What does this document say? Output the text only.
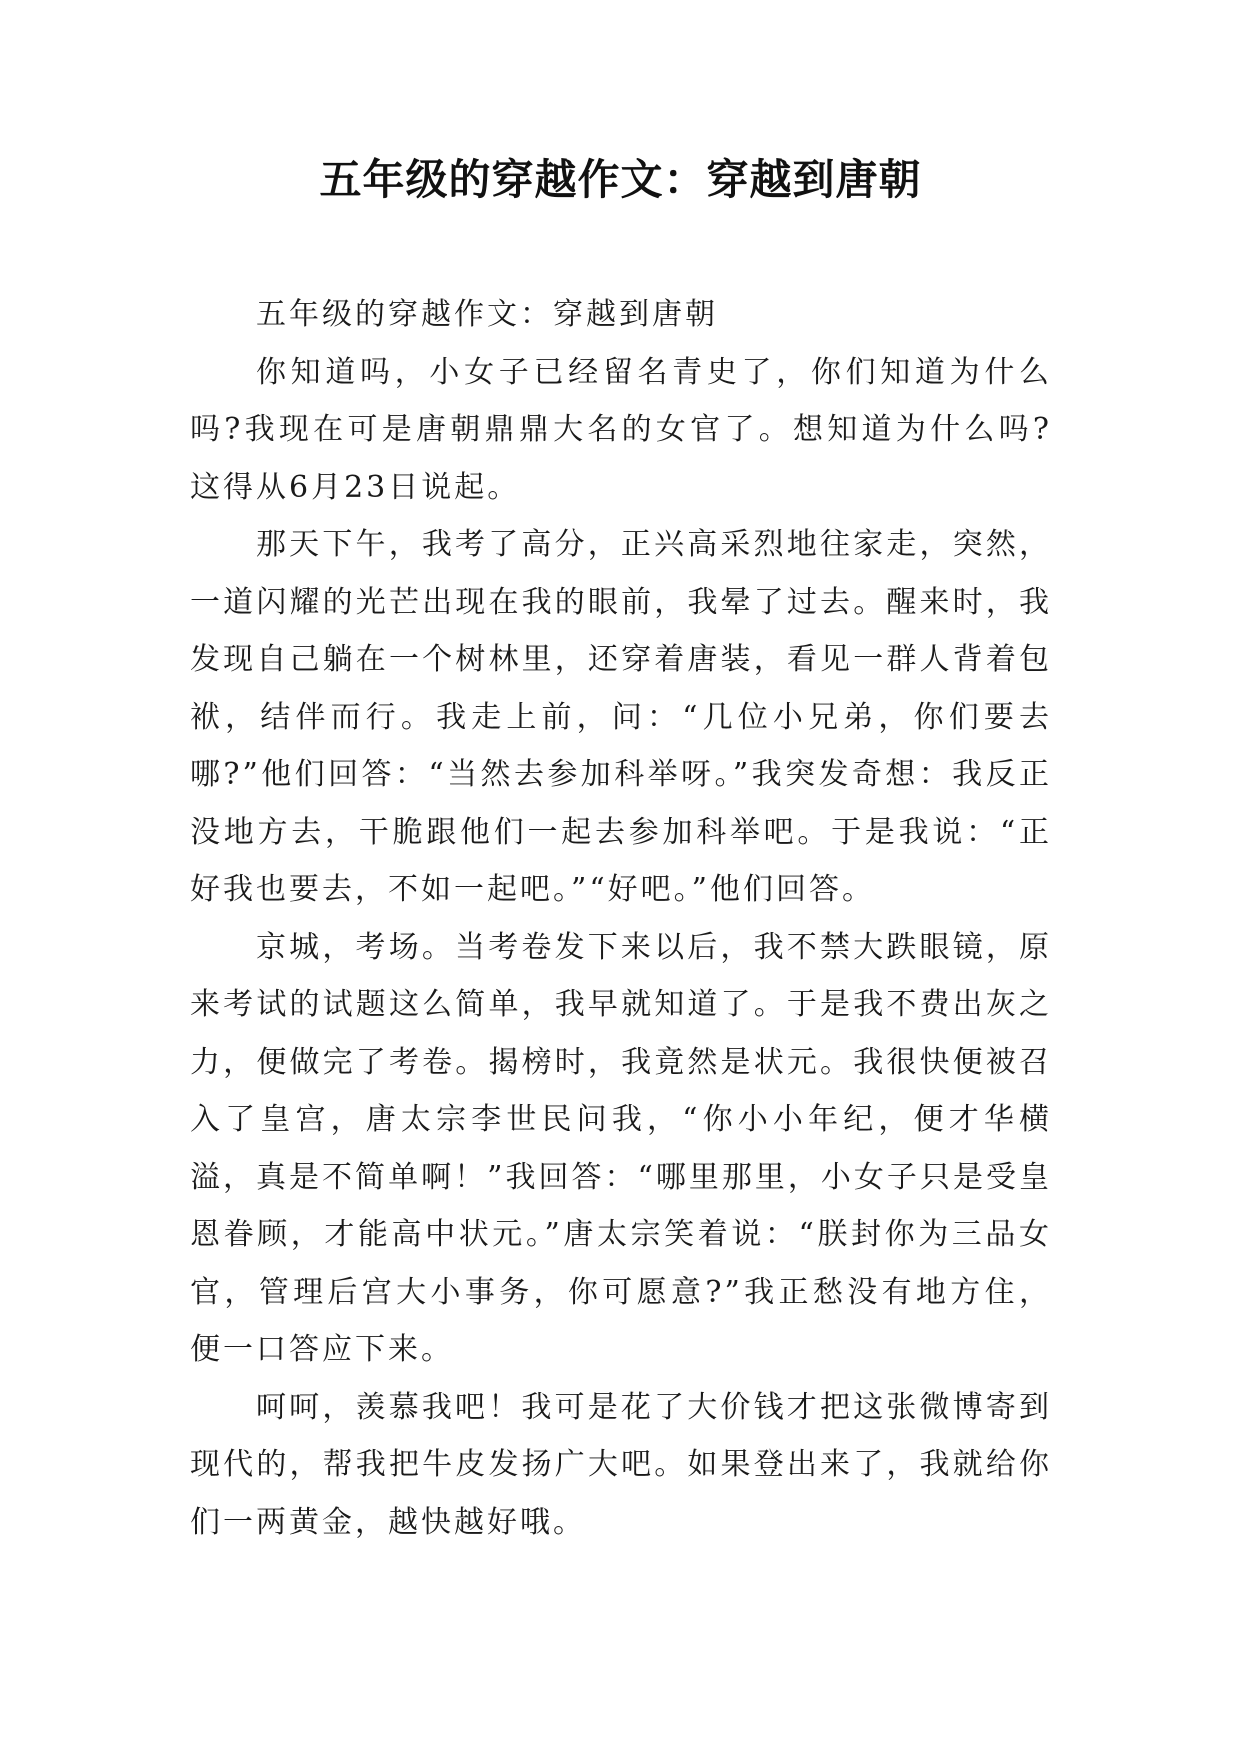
五年级的穿越作文：穿越到唐朝

五年级的穿越作文：穿越到唐朝

你知道吗，小女子已经留名青史了，你们知道为什么吗?我现在可是唐朝鼎鼎大名的女官了。想知道为什么吗?这得从6月23日说起。

那天下午，我考了高分，正兴高采烈地往家走，突然，一道闪耀的光芒出现在我的眼前，我晕了过去。醒来时，我发现自己躺在一个树林里，还穿着唐装，看见一群人背着包袱，结伴而行。我走上前，问：“几位小兄弟，你们要去哪?”他们回答：“当然去参加科举呀。”我突发奇想：我反正没地方去，干脆跟他们一起去参加科举吧。于是我说：“正好我也要去，不如一起吧。”“好吧。”他们回答。

京城，考场。当考卷发下来以后，我不禁大跌眼镜，原来考试的试题这么简单，我早就知道了。于是我不费出灰之力，便做完了考卷。揭榜时，我竟然是状元。我很快便被召入了皇宫，唐太宗李世民问我，“你小小年纪，便才华横溢，真是不简单啊！”我回答：“哪里那里，小女子只是受皇恩眷顾，才能高中状元。”唐太宗笑着说：“朕封你为三品女官，管理后宫大小事务，你可愿意?”我正愁没有地方住，便一口答应下来。

呵呵，羡慕我吧！我可是花了大价钱才把这张微博寄到现代的，帮我把牛皮发扬广大吧。如果登出来了，我就给你们一两黄金，越快越好哦。
